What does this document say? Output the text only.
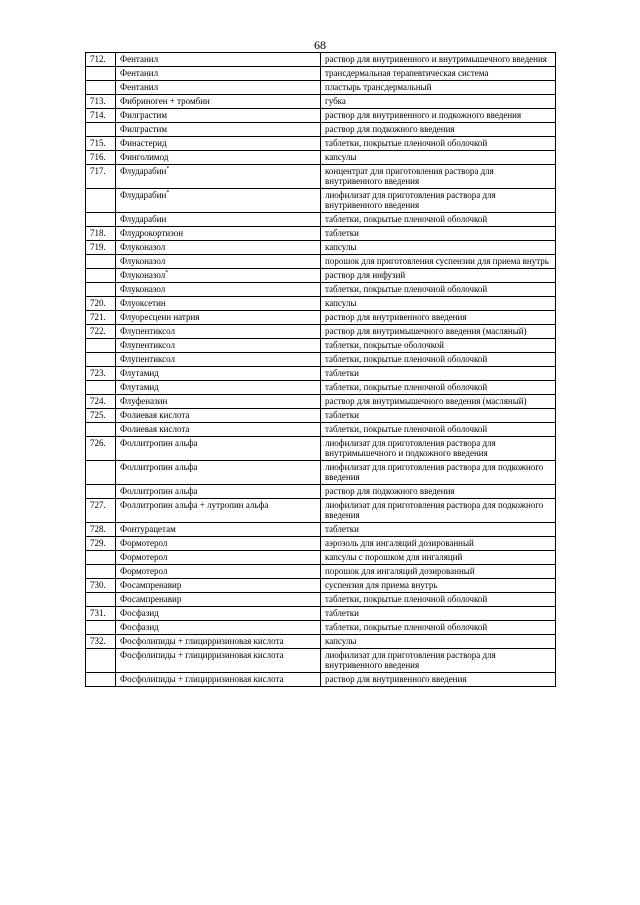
68
712.	Фентанил	раствор для внутривенного и внутримышечного введения
	Фентанил	трансдермальная терапевтическая система
	Фентанил	пластырь трансдермальный
713.	Фибриноген + тромбин	губка
714.	Филграстим	раствор для внутривенного и подкожного введения
	Филграстим	раствор для подкожного введения
715.	Финастерид	таблетки, покрытые пленочной оболочкой
716.	Финголимод	капсулы
717.	Флударабин*	концентрат для приготовления раствора для внутривенного введения
	Флударабин*	лиофилизат для приготовления раствора для внутривенного введения
	Флударабин	таблетки, покрытые пленочной оболочкой
718.	Флудрокортизон	таблетки
719.	Флуконазол	капсулы
	Флуконазол	порошок для приготовления суспензии для приема внутрь
	Флуконазол*	раствор для инфузий
	Флуконазол	таблетки, покрытые пленочной оболочкой
720.	Флуоксетин	капсулы
721.	Флуоресцеин натрия	раствор для внутривенного введения
722.	Флупентиксол	раствор для внутримышечного введения (масляный)
	Флупентиксол	таблетки, покрытые оболочкой
	Флупентиксол	таблетки, покрытые пленочной оболочкой
723.	Флутамид	таблетки
	Флутамид	таблетки, покрытые пленочной оболочкой
724.	Флуфеназин	раствор для внутримышечного введения (масляный)
725.	Фолиевая кислота	таблетки
	Фолиевая кислота	таблетки, покрытые пленочной оболочкой
726.	Фоллитропин альфа	лиофилизат для приготовления раствора для внутримышечного и подкожного введения
	Фоллитропин альфа	лиофилизат для приготовления раствора для подкожного введения
	Фоллитропин альфа	раствор для подкожного введения
727.	Фоллитропин альфа + лутропин альфа	лиофилизат для приготовления раствора для подкожного введения
728.	Фонтурацетам	таблетки
729.	Формотерол	аэрозоль для ингаляций дозированный
	Формотерол	капсулы с порошком для ингаляций
	Формотерол	порошок для ингаляций дозированный
730.	Фосампренавир	суспензия для приема внутрь
	Фосампренавир	таблетки, покрытые пленочной оболочкой
731.	Фосфазид	таблетки
	Фосфазид	таблетки, покрытые пленочной оболочкой
732.	Фосфолипиды + глицирризиновая кислота	капсулы
	Фосфолипиды + глицирризиновая кислота	лиофилизат для приготовления раствора для внутривенного введения
	Фосфолипиды + глицирризиновая кислота	раствор для внутривенного введения
